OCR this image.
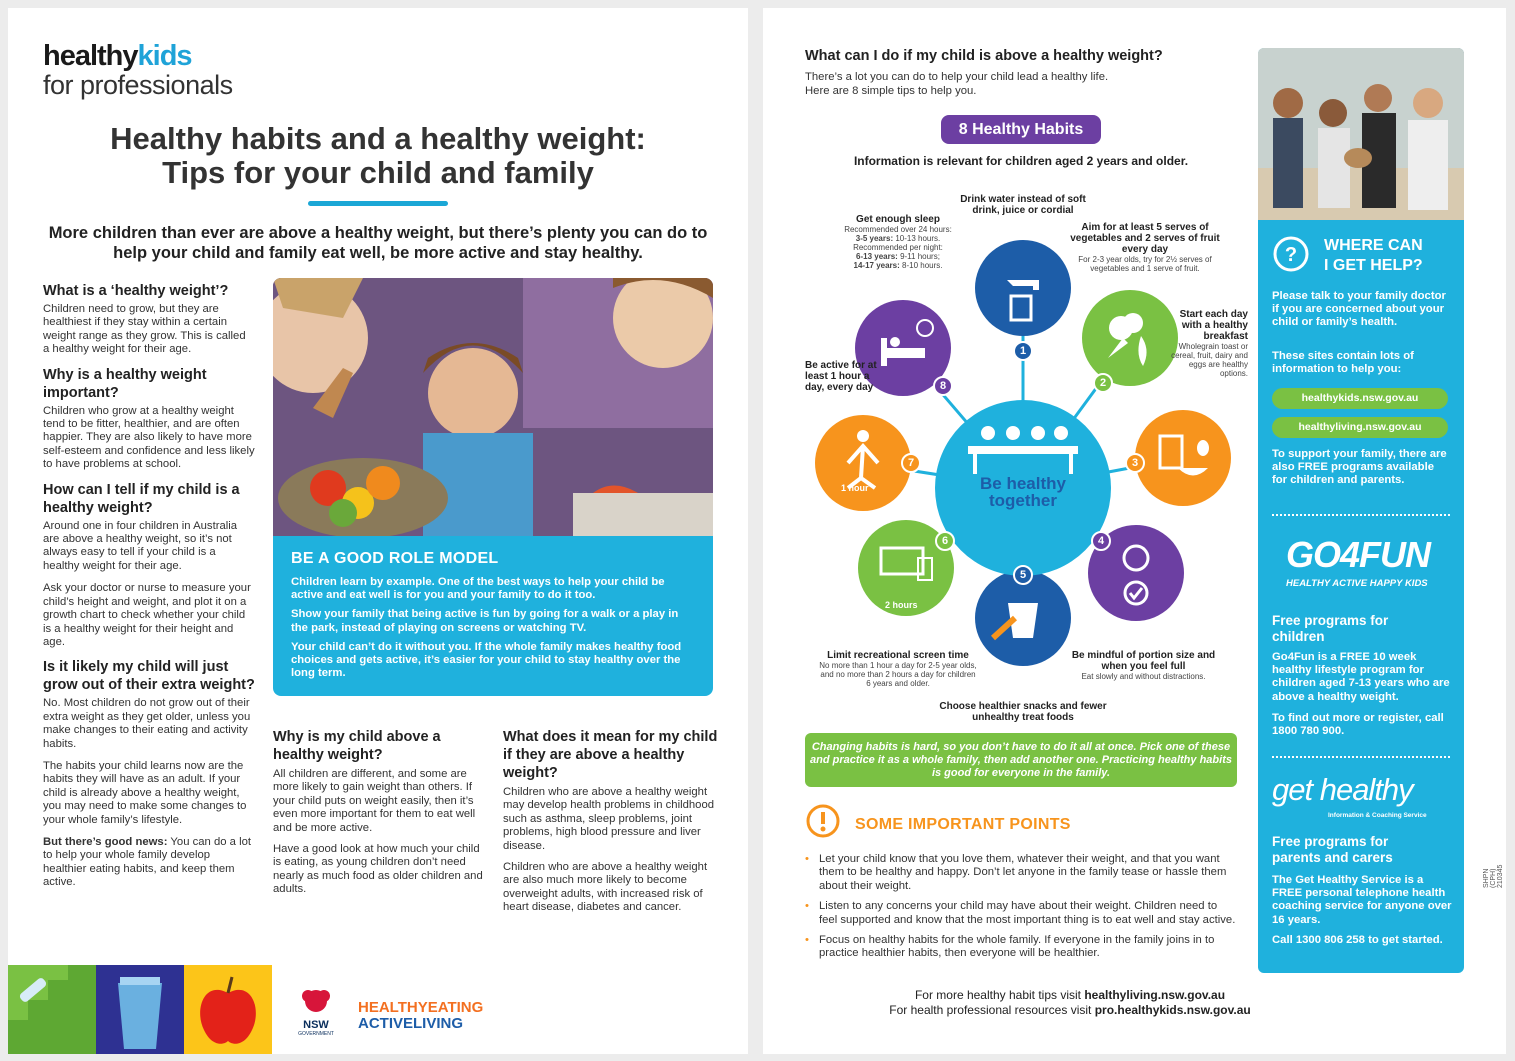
healthykids
for professionals
Healthy habits and a healthy weight:
Tips for your child and family
More children than ever are above a healthy weight, but there’s plenty you can do to help your child and family eat well, be more active and stay healthy.
What is a ‘healthy weight’?
Children need to grow, but they are healthiest if they stay within a certain weight range as they grow. This is called a healthy weight for their age.
Why is a healthy weight important?
Children who grow at a healthy weight tend to be fitter, healthier, and are often happier. They are also likely to have more self-esteem and confidence and less likely to have problems at school.
How can I tell if my child is a healthy weight?
Around one in four children in Australia are above a healthy weight, so it’s not always easy to tell if your child is a healthy weight for their age.
Ask your doctor or nurse to measure your child’s height and weight, and plot it on a growth chart to check whether your child is a healthy weight for their height and age.
Is it likely my child will just grow out of their extra weight?
No. Most children do not grow out of their extra weight as they get older, unless you make changes to their eating and activity habits.
The habits your child learns now are the habits they will have as an adult. If your child is already above a healthy weight, you may need to make some changes to your whole family’s lifestyle.
But there’s good news: You can do a lot to help your whole family develop healthier eating habits, and keep them active.
BE A GOOD ROLE MODEL
Children learn by example. One of the best ways to help your child be active and eat well is for you and your family to do it too.
Show your family that being active is fun by going for a walk or a play in the park, instead of playing on screens or watching TV.
Your child can’t do it without you. If the whole family makes healthy food choices and gets active, it’s easier for your child to stay healthy over the long term.
Why is my child above a healthy weight?
All children are different, and some are more likely to gain weight than others. If your child puts on weight easily, then it’s even more important for them to eat well and be more active.
Have a good look at how much your child is eating, as young children don’t need nearly as much food as older children and adults.
What does it mean for my child if they are above a healthy weight?
Children who are above a healthy weight may develop health problems in childhood such as asthma, sleep problems, joint problems, high blood pressure and liver disease.
Children who are above a healthy weight are also much more likely to become overweight adults, with increased risk of heart disease, diabetes and cancer.
NSW
GOVERNMENT
HEALTHYEATING
ACTIVELIVING
What can I do if my child is above a healthy weight?
There’s a lot you can do to help your child lead a healthy life.
Here are 8 simple tips to help you.
8 Healthy Habits
Information is relevant for children aged 2 years and older.
Be healthy
together
1
2
3
4
5
6
7
8
1 hour
2 hours
Drink water instead of soft drink, juice or cordial
Aim for at least 5 serves of vegetables and 2 serves of fruit every day
For 2-3 year olds, try for 2½ serves of vegetables and 1 serve of fruit.
Start each day with a healthy breakfast
Wholegrain toast or cereal, fruit, dairy and eggs are healthy options.
Be mindful of portion size and when you feel full
Eat slowly and without distractions.
Choose healthier snacks and fewer unhealthy treat foods
Limit recreational screen time
No more than 1 hour a day for 2-5 year olds, and no more than 2 hours a day for children 6 years and older.
Be active for at least 1 hour a day, every day
Get enough sleep
Recommended over 24 hours:
3-5 years: 10-13 hours.
Recommended per night:
6-13 years: 9-11 hours;
14-17 years: 8-10 hours.
Changing habits is hard, so you don’t have to do it all at once. Pick one of these and practice it as a whole family, then add another one. Practicing healthy habits is good for everyone in the family.
SOME IMPORTANT POINTS
• Let your child know that you love them, whatever their weight, and that you want them to be healthy and happy. Don’t let anyone in the family tease or hassle them about their weight.
• Listen to any concerns your child may have about their weight. Children need to feel supported and know that the most important thing is to eat well and stay active.
• Focus on healthy habits for the whole family. If everyone in the family joins in to practice healthier habits, then everyone will be healthier.
For more healthy habit tips visit healthyliving.nsw.gov.au
For health professional resources visit pro.healthykids.nsw.gov.au
? WHERE CAN
I GET HELP?
Please talk to your family doctor if you are concerned about your child or family’s health.
These sites contain lots of information to help you:
healthykids.nsw.gov.au
healthyliving.nsw.gov.au
To support your family, there are also FREE programs available for children and parents.
GO4FUN
HEALTHY ACTIVE HAPPY KIDS
Free programs for children
Go4Fun is a FREE 10 week healthy lifestyle program for children aged 7-13 years who are above a healthy weight.
To find out more or register, call 1800 780 900.
get healthy
Information & Coaching Service
Free programs for parents and carers
The Get Healthy Service is a FREE personal telephone health coaching service for anyone over 16 years.
Call 1300 806 258 to get started.
SHPN (CPH) 210345
